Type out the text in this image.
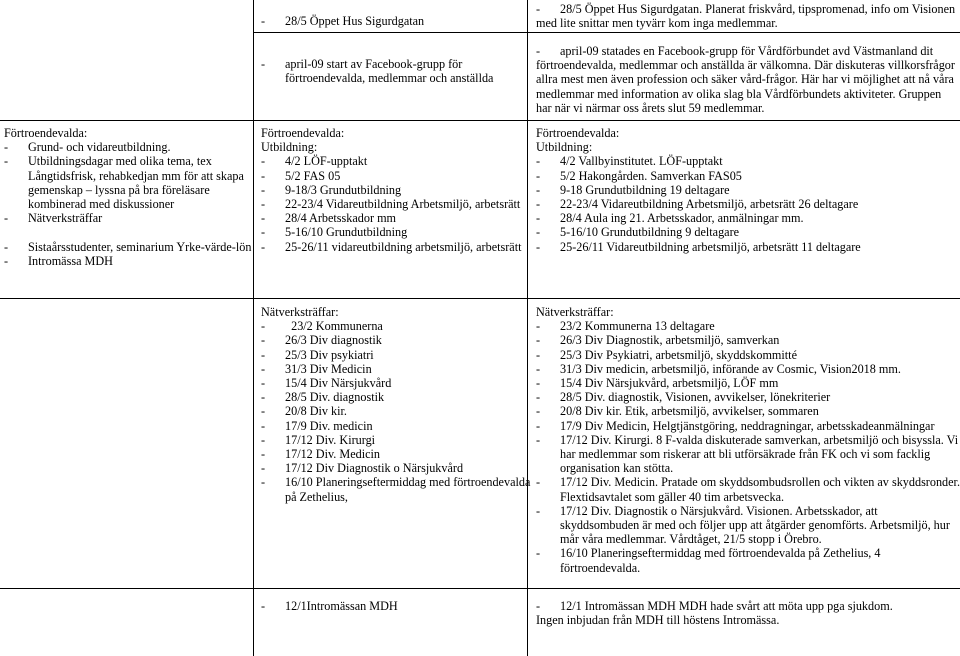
- 28/5 Öppet Hus Sigurdgatan
- 28/5 Öppet Hus Sigurdgatan. Planerat friskvård, tipspromenad, info om Visionen
med lite snittar men tyvärr kom inga medlemmar.
- april-09 start av Facebook-grupp för
förtroendevalda, medlemmar och anställda
- april-09 statades en Facebook-grupp för Vårdförbundet avd Västmanland dit
förtroendevalda, medlemmar och anställda är välkomna. Där diskuteras villkorsfrågor
allra mest men även profession och säker vård-frågor. Här har vi möjlighet att nå våra
medlemmar med information av olika slag bla Vårdförbundets aktiviteter. Gruppen
har när vi närmar oss årets slut 59 medlemmar.
Förtroendevalda:
- Grund- och vidareutbildning.
- Utbildningsdagar med olika tema, tex
Långtidsfrisk, rehabkedjan mm för att skapa
gemenskap – lyssna på bra föreläsare
kombinerad med diskussioner
- Nätverksträffar
- Sistaårsstudenter, seminarium Yrke-värde-lön
- Intromässa MDH
Förtroendevalda:
Utbildning:
- 4/2 LÖF-upptakt
- 5/2 FAS 05
- 9-18/3 Grundutbildning
- 22-23/4 Vidareutbildning Arbetsmiljö, arbetsrätt
- 28/4 Arbetsskador mm
- 5-16/10 Grundutbildning
- 25-26/11 vidareutbildning arbetsmiljö, arbetsrätt
Förtroendevalda:
Utbildning:
- 4/2 Vallbyinstitutet. LÖF-upptakt
- 5/2 Hakongården. Samverkan FAS05
- 9-18 Grundutbildning 19 deltagare
- 22-23/4 Vidareutbildning Arbetsmiljö, arbetsrätt 26 deltagare
- 28/4 Aula ing 21. Arbetsskador, anmälningar mm.
- 5-16/10 Grundutbildning 9 deltagare
- 25-26/11 Vidareutbildning arbetsmiljö, arbetsrätt 11 deltagare
Nätverksträffar:
- 23/2 Kommunerna
- 26/3 Div diagnostik
- 25/3 Div psykiatri
- 31/3 Div Medicin
- 15/4 Div Närsjukvård
- 28/5 Div. diagnostik
- 20/8 Div kir.
- 17/9 Div. medicin
- 17/12 Div. Kirurgi
- 17/12 Div. Medicin
- 17/12 Div Diagnostik o Närsjukvård
- 16/10 Planeringseftermiddag med förtroendevalda
på Zethelius,
Nätverksträffar:
- 23/2 Kommunerna 13 deltagare
- 26/3 Div Diagnostik, arbetsmiljö, samverkan
- 25/3 Div Psykiatri, arbetsmiljö, skyddskommitté
- 31/3 Div medicin, arbetsmiljö, införande av Cosmic, Vision2018 mm.
- 15/4 Div Närsjukvård, arbetsmiljö, LÖF mm
- 28/5 Div. diagnostik, Visionen, avvikelser, lönekriterier
- 20/8 Div kir. Etik, arbetsmiljö, avvikelser, sommaren
- 17/9 Div Medicin, Helgtjänstgöring, neddragningar, arbetsskadeanmälningar
- 17/12 Div. Kirurgi. 8 F-valda diskuterade samverkan, arbetsmiljö och bisyssla. Vi
har medlemmar som riskerar att bli utförsäkrade från FK och vi som facklig
organisation kan stötta.
- 17/12 Div. Medicin. Pratade om skyddsombudsrollen och vikten av skyddsronder.
Flextidsavtalet som gäller 40 tim arbetsvecka.
- 17/12 Div. Diagnostik o Närsjukvård. Visionen. Arbetsskador, att
skyddsombuden är med och följer upp att åtgärder genomförts. Arbetsmiljö, hur
mår våra medlemmar. Vårdtåget, 21/5 stopp i Örebro.
- 16/10 Planeringseftermiddag med förtroendevalda på Zethelius, 4
förtroendevalda.
- 12/1Intromässan MDH	- 12/1 Intromässan MDH MDH hade svårt att möta upp pga sjukdom.
Ingen inbjudan från MDH till höstens Intromässa.
